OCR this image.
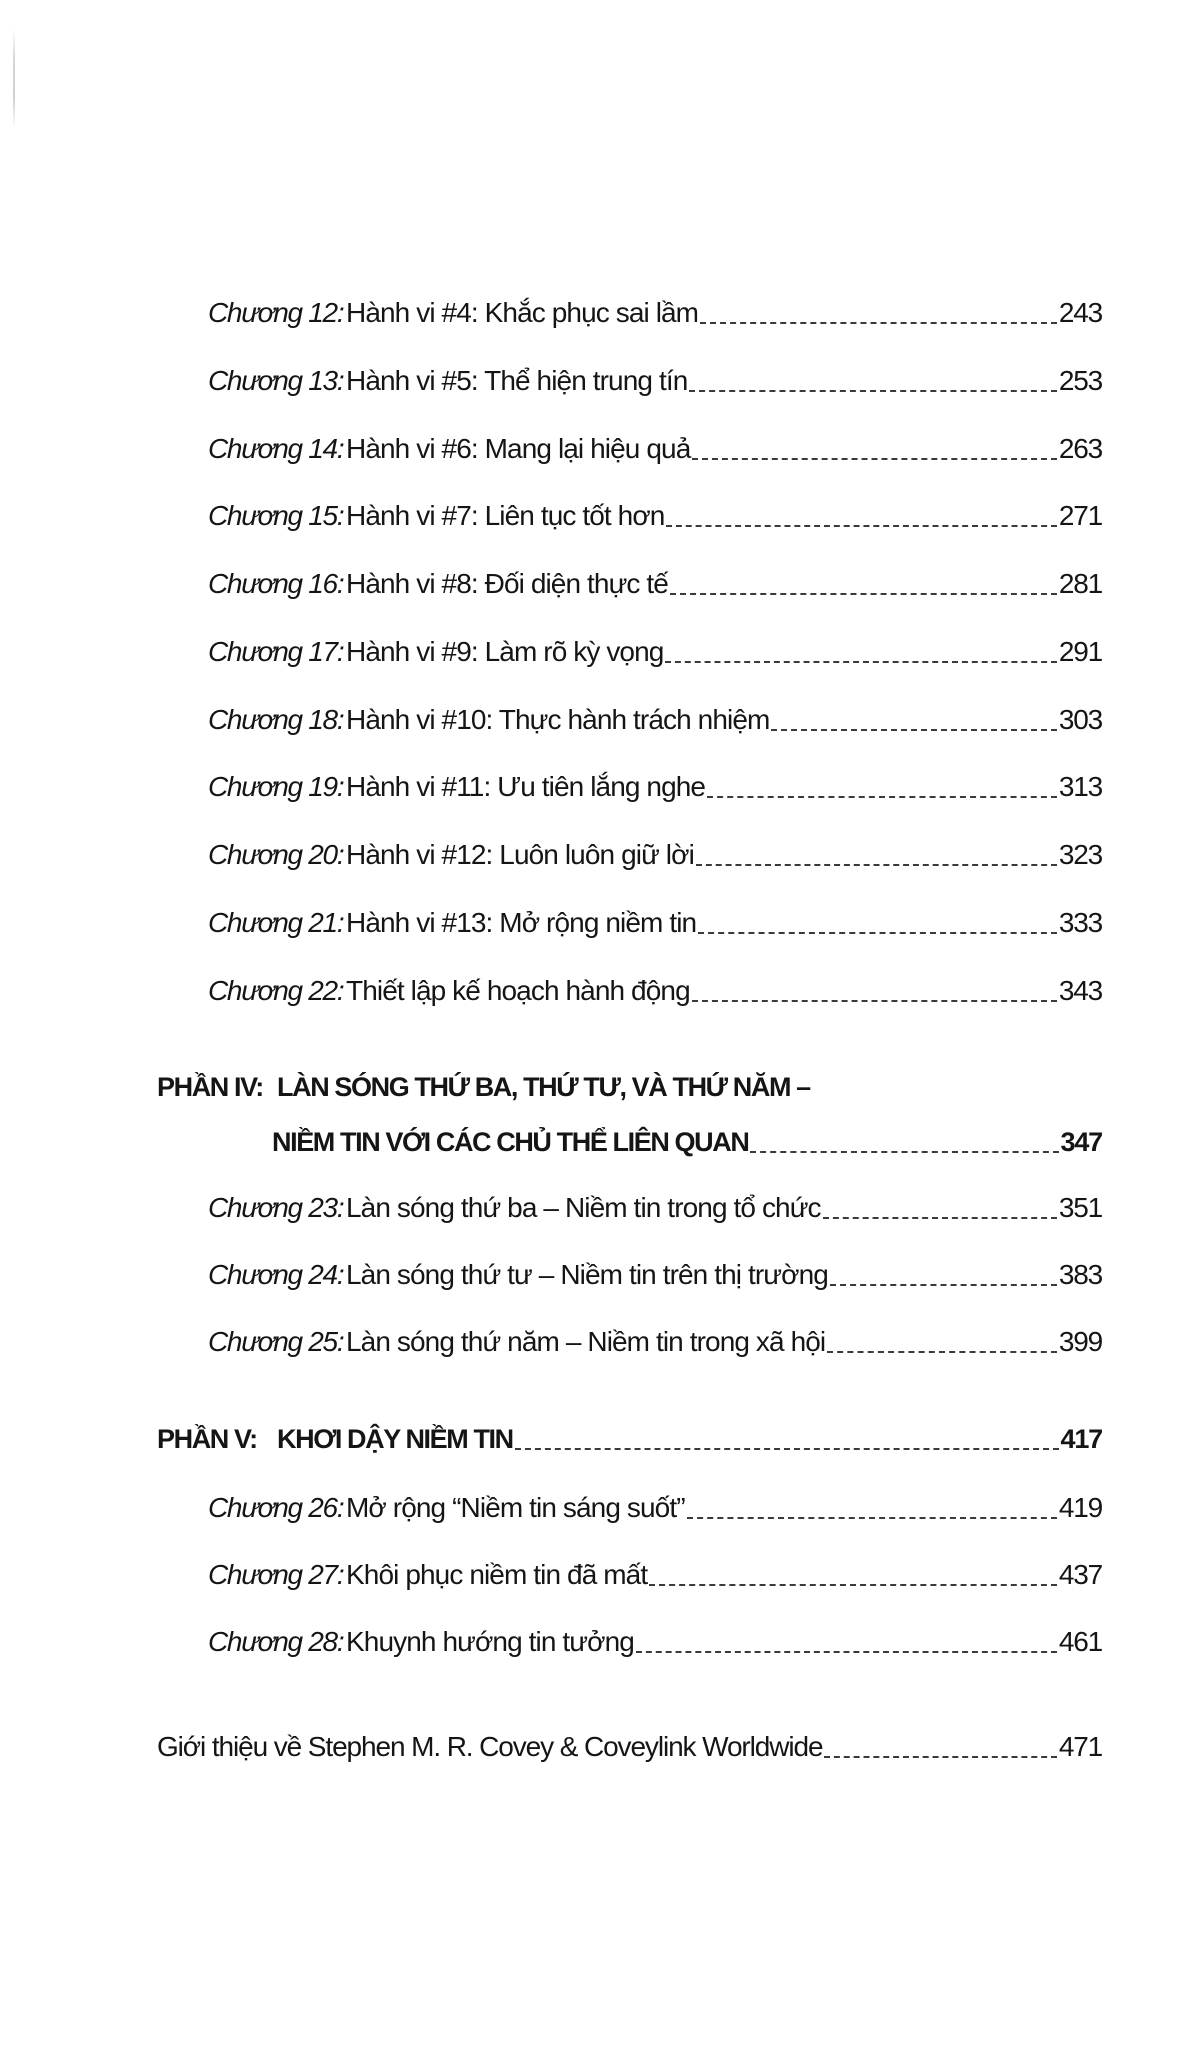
Chương 12: Hành vi #4: Khắc phục sai lầm	243
Chương 13: Hành vi #5: Thể hiện trung tín	253
Chương 14: Hành vi #6: Mang lại hiệu quả	263
Chương 15: Hành vi #7: Liên tục tốt hơn	271
Chương 16: Hành vi #8: Đối diện thực tế	281
Chương 17: Hành vi #9: Làm rõ kỳ vọng	291
Chương 18: Hành vi #10: Thực hành trách nhiệm	303
Chương 19: Hành vi #11: Ưu tiên lắng nghe	313
Chương 20: Hành vi #12: Luôn luôn giữ lời	323
Chương 21: Hành vi #13: Mở rộng niềm tin	333
Chương 22: Thiết lập kế hoạch hành động	343
PHẦN IV: LÀN SÓNG THỨ BA, THỨ TƯ, VÀ THỨ NĂM –
NIỀM TIN VỚI CÁC CHỦ THỂ LIÊN QUAN	347
Chương 23: Làn sóng thứ ba – Niềm tin trong tổ chức	351
Chương 24: Làn sóng thứ tư – Niềm tin trên thị trường	383
Chương 25: Làn sóng thứ năm – Niềm tin trong xã hội	399
PHẦN V: KHƠI DẬY NIỀM TIN	417
Chương 26: Mở rộng “Niềm tin sáng suốt”	419
Chương 27: Khôi phục niềm tin đã mất	437
Chương 28: Khuynh hướng tin tưởng	461
Giới thiệu về Stephen M. R. Covey & Coveylink Worldwide	471
